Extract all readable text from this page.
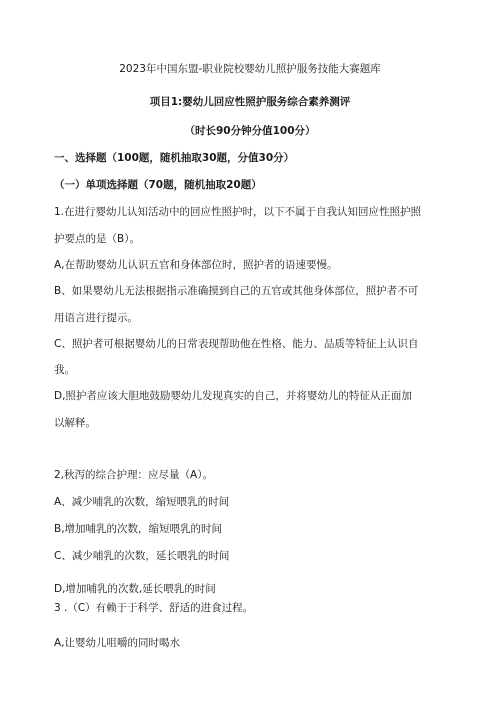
2023年中国东盟-职业院校婴幼儿照护服务技能大赛题库
项目1:婴幼儿回应性照护服务综合素养测评
（时长90分钟分值100分）
一、选择题（100题，随机抽取30题，分值30分）
（一）单项选择题（70题，随机抽取20题）
1.在进行婴幼儿认知活动中的回应性照护时，以下不属于自我认知回应性照护照
护要点的是（B）。
A,在帮助婴幼儿认识五官和身体部位时，照护者的语速要慢。
B、如果婴幼儿无法根据指示准确摸到自己的五官或其他身体部位，照护者不可
用语言进行提示。
C、照护者可根据婴幼儿的日常表现帮助他在性格、能力、品质等特征上认识自
我。
D,照护者应该大胆地鼓励婴幼儿发现真实的自己，并将婴幼儿的特征从正面加
以解释。
2,秋泻的综合护理：应尽量（A）。
A、减少哺乳的次数，缩短喂乳的时间
B,增加哺乳的次数，缩短喂乳的时间
C、减少哺乳的次数，延长喂乳的时间
D,增加哺乳的次数,延长喂乳的时间
3 .（C）有赖于于科学、舒适的进食过程。
A,让婴幼儿咀嚼的同时喝水
